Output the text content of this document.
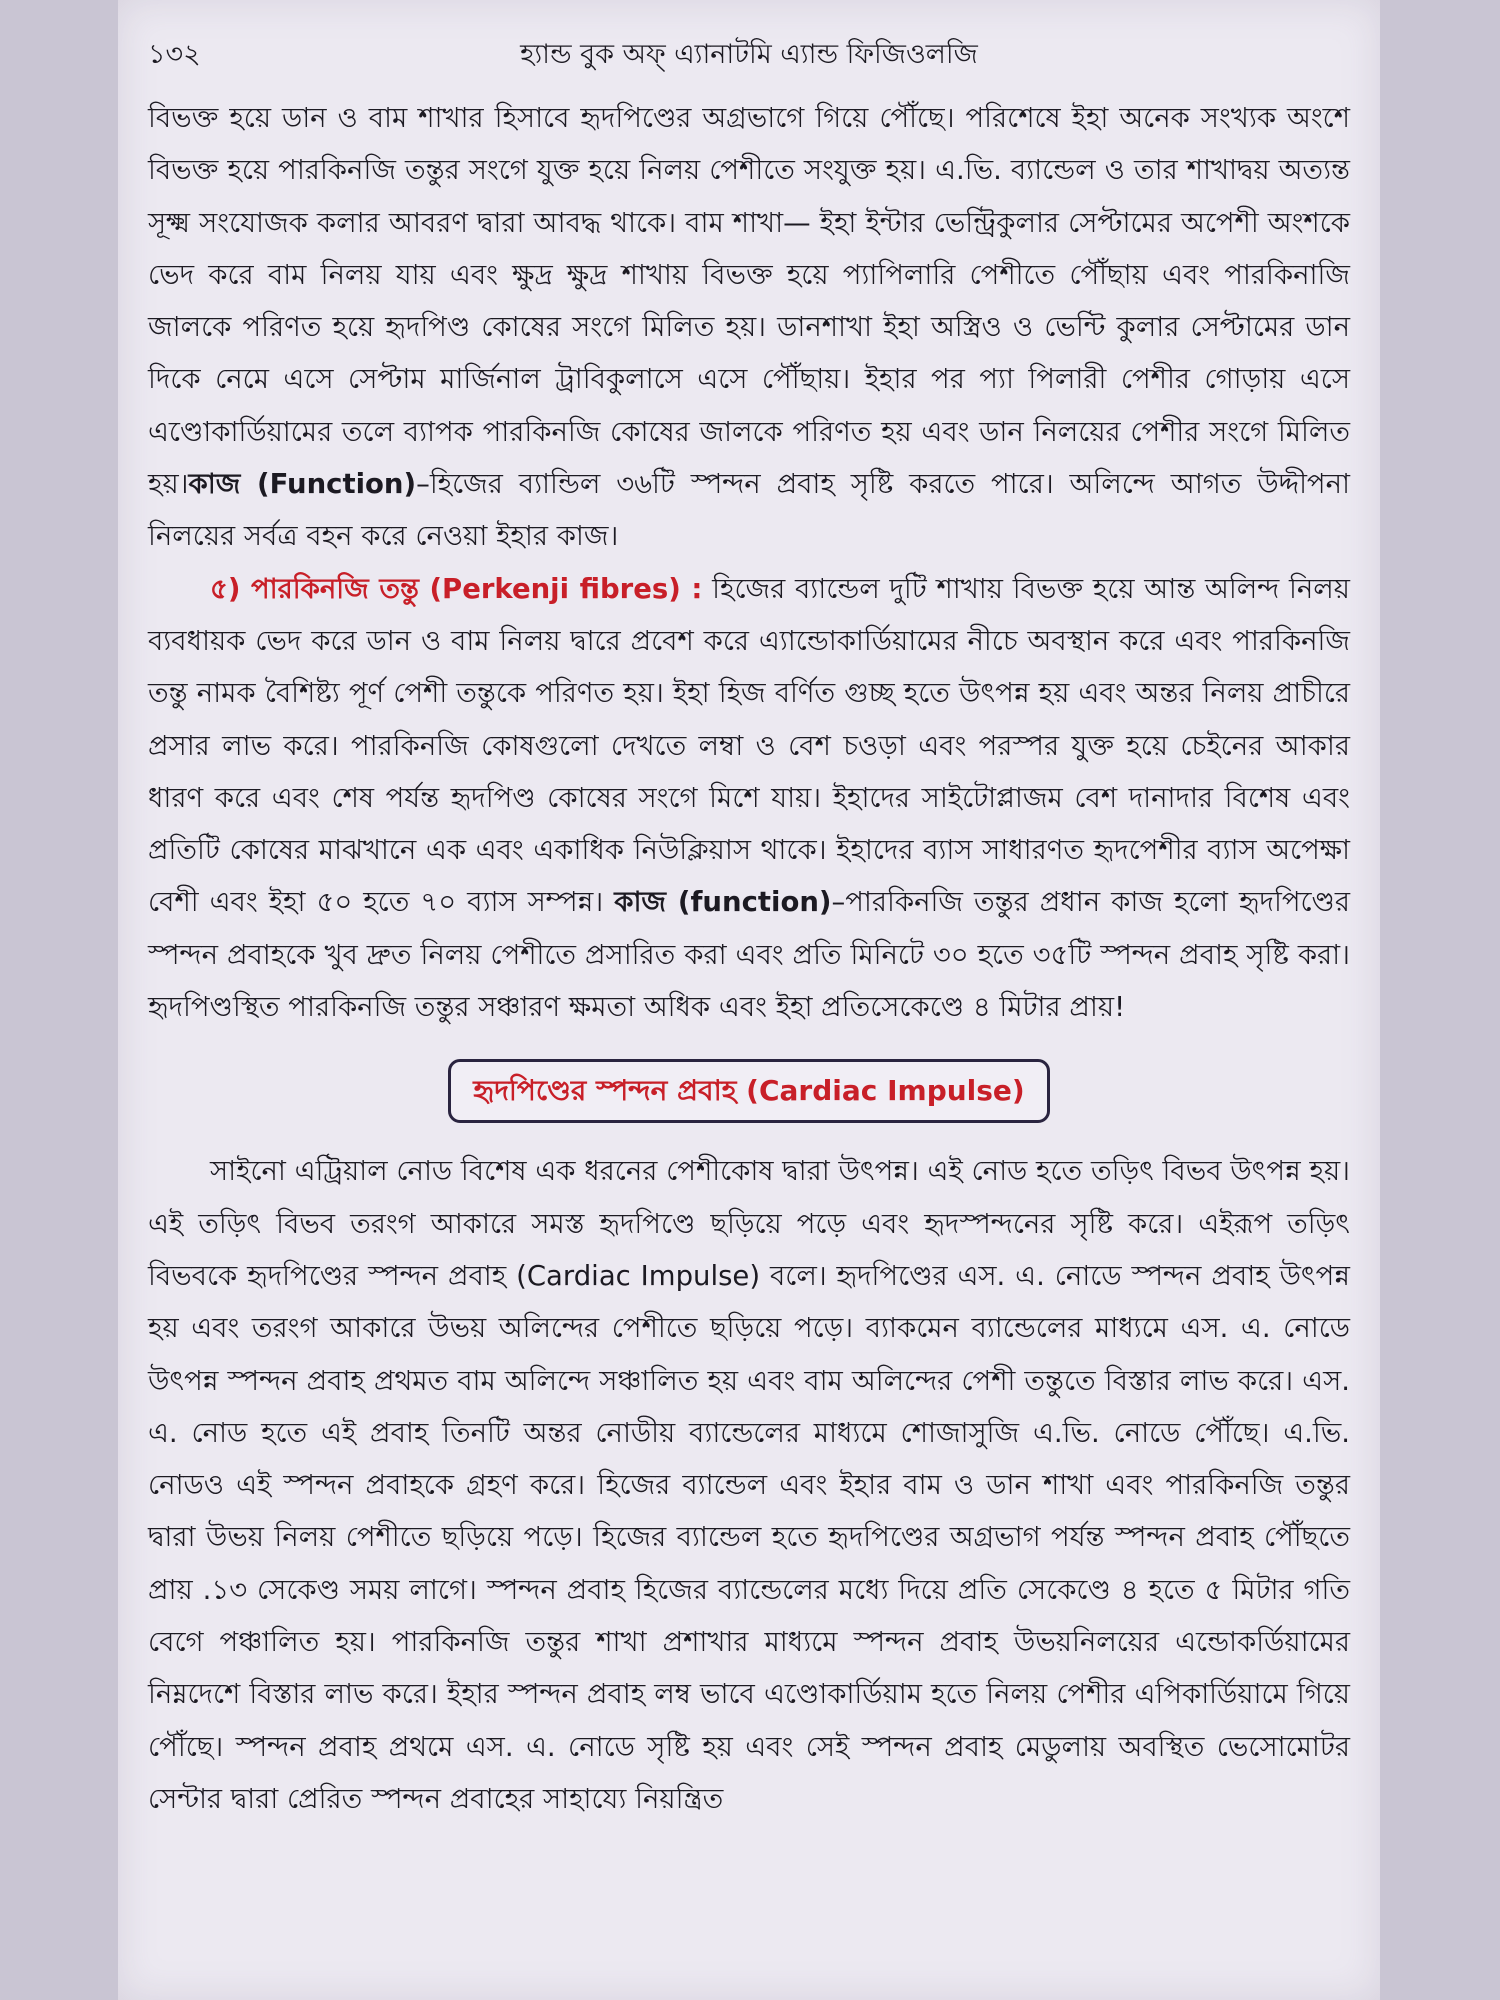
১৩২	হ্যান্ড বুক অফ্ এ্যানাটমি এ্যান্ড ফিজিওলজি

বিভক্ত হয়ে ডান ও বাম শাখার হিসাবে হৃদপিণ্ডের অগ্রভাগে গিয়ে পৌঁছে। পরিশেষে ইহা অনেক সংখ্যক অংশে বিভক্ত হয়ে পারকিনজি তন্তুর সংগে যুক্ত হয়ে নিলয় পেশীতে সংযুক্ত হয়। এ.ভি. ব্যান্ডেল ও তার শাখাদ্বয় অত্যন্ত সূক্ষ্ম সংযোজক কলার আবরণ দ্বারা আবদ্ধ থাকে। বাম শাখা— ইহা ইন্টার ভেন্ট্রিকুলার সেপ্টামের অপেশী অংশকে ভেদ করে বাম নিলয় যায় এবং ক্ষুদ্র ক্ষুদ্র শাখায় বিভক্ত হয়ে প্যাপিলারি পেশীতে পৌঁছায় এবং পারকিনাজি জালকে পরিণত হয়ে হৃদপিণ্ড কোষের সংগে মিলিত হয়। ডানশাখা ইহা অস্ত্রিও ও ভেন্টি কুলার সেপ্টামের ডান দিকে নেমে এসে সেপ্টাম মার্জিনাল ট্রাবিকুলাসে এসে পৌঁছায়। ইহার পর প্যা পিলারী পেশীর গোড়ায় এসে এণ্ডোকার্ডিয়ামের তলে ব্যাপক পারকিনজি কোষের জালকে পরিণত হয় এবং ডান নিলয়ের পেশীর সংগে মিলিত হয়।কাজ (Function)–হিজের ব্যান্ডিল ৩৬টি স্পন্দন প্রবাহ সৃষ্টি করতে পারে। অলিন্দে আগত উদ্দীপনা নিলয়ের সর্বত্র বহন করে নেওয়া ইহার কাজ।

৫) পারকিনজি তন্তু (Perkenji fibres) : হিজের ব্যান্ডেল দুটি শাখায় বিভক্ত হয়ে আন্ত অলিন্দ নিলয় ব্যবধায়ক ভেদ করে ডান ও বাম নিলয় দ্বারে প্রবেশ করে এ্যান্ডোকার্ডিয়ামের নীচে অবস্থান করে এবং পারকিনজি তন্তু নামক বৈশিষ্ট্য পূর্ণ পেশী তন্তুকে পরিণত হয়। ইহা হিজ বর্ণিত গুচ্ছ হতে উৎপন্ন হয় এবং অন্তর নিলয় প্রাচীরে প্রসার লাভ করে। পারকিনজি কোষগুলো দেখতে লম্বা ও বেশ চওড়া এবং পরস্পর যুক্ত হয়ে চেইনের আকার ধারণ করে এবং শেষ পর্যন্ত হৃদপিণ্ড কোষের সংগে মিশে যায়। ইহাদের সাইটোপ্লাজম বেশ দানাদার বিশেষ এবং প্রতিটি কোষের মাঝখানে এক এবং একাধিক নিউক্লিয়াস থাকে। ইহাদের ব্যাস সাধারণত হৃদপেশীর ব্যাস অপেক্ষা বেশী এবং ইহা ৫০ হতে ৭০ ব্যাস সম্পন্ন। কাজ (function)–পারকিনজি তন্তুর প্রধান কাজ হলো হৃদপিণ্ডের স্পন্দন প্রবাহকে খুব দ্রুত নিলয় পেশীতে প্রসারিত করা এবং প্রতি মিনিটে ৩০ হতে ৩৫টি স্পন্দন প্রবাহ সৃষ্টি করা। হৃদপিণ্ডস্থিত পারকিনজি তন্তুর সঞ্চারণ ক্ষমতা অধিক এবং ইহা প্রতিসেকেণ্ডে ৪ মিটার প্রায়!

হৃদপিণ্ডের স্পন্দন প্রবাহ (Cardiac Impulse)

সাইনো এট্রিয়াল নোড বিশেষ এক ধরনের পেশীকোষ দ্বারা উৎপন্ন। এই নোড হতে তড়িৎ বিভব উৎপন্ন হয়। এই তড়িৎ বিভব তরংগ আকারে সমস্ত হৃদপিণ্ডে ছড়িয়ে পড়ে এবং হৃদস্পন্দনের সৃষ্টি করে। এইরূপ তড়িৎ বিভবকে হৃদপিণ্ডের স্পন্দন প্রবাহ (Cardiac Impulse) বলে। হৃদপিণ্ডের এস. এ. নোডে স্পন্দন প্রবাহ উৎপন্ন হয় এবং তরংগ আকারে উভয় অলিন্দের পেশীতে ছড়িয়ে পড়ে। ব্যাকমেন ব্যান্ডেলের মাধ্যমে এস. এ. নোডে উৎপন্ন স্পন্দন প্রবাহ প্রথমত বাম অলিন্দে সঞ্চালিত হয় এবং বাম অলিন্দের পেশী তন্তুতে বিস্তার লাভ করে। এস. এ. নোড হতে এই প্রবাহ তিনটি অন্তর নোডীয় ব্যান্ডেলের মাধ্যমে শোজাসুজি এ.ভি. নোডে পৌঁছে। এ.ভি. নোডও এই স্পন্দন প্রবাহকে গ্রহণ করে। হিজের ব্যান্ডেল এবং ইহার বাম ও ডান শাখা এবং পারকিনজি তন্তুর দ্বারা উভয় নিলয় পেশীতে ছড়িয়ে পড়ে। হিজের ব্যান্ডেল হতে হৃদপিণ্ডের অগ্রভাগ পর্যন্ত স্পন্দন প্রবাহ পৌঁছতে প্রায় .১৩ সেকেণ্ড সময় লাগে। স্পন্দন প্রবাহ হিজের ব্যান্ডেলের মধ্যে দিয়ে প্রতি সেকেণ্ডে ৪ হতে ৫ মিটার গতি বেগে পঞ্চালিত হয়। পারকিনজি তন্তুর শাখা প্রশাখার মাধ্যমে স্পন্দন প্রবাহ উভয়নিলয়ের এন্ডোকর্ডিয়ামের নিম্নদেশে বিস্তার লাভ করে। ইহার স্পন্দন প্রবাহ লম্ব ভাবে এণ্ডোকার্ডিয়াম হতে নিলয় পেশীর এপিকার্ডিয়ামে গিয়ে পৌঁছে। স্পন্দন প্রবাহ প্রথমে এস. এ. নোডে সৃষ্টি হয় এবং সেই স্পন্দন প্রবাহ মেডুলায় অবস্থিত ভেসোমোটর সেন্টার দ্বারা প্রেরিত স্পন্দন প্রবাহের সাহায্যে নিয়ন্ত্রিত
